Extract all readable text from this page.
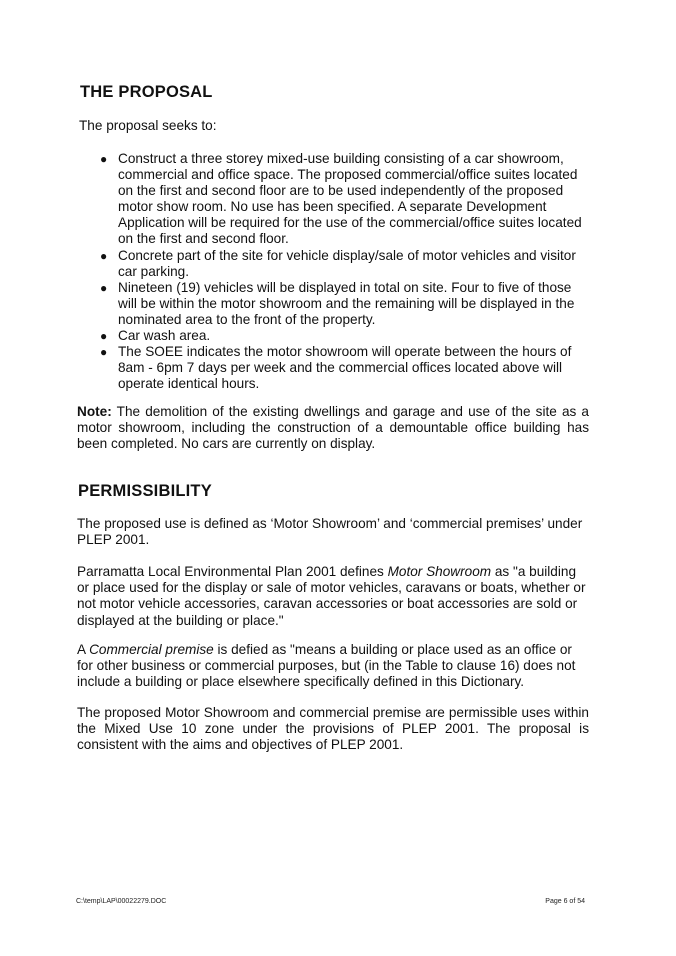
THE PROPOSAL

The proposal seeks to:

● Construct a three storey mixed-use building consisting of a car showroom, commercial and office space. The proposed commercial/office suites located on the first and second floor are to be used independently of the proposed motor show room. No use has been specified. A separate Development Application will be required for the use of the commercial/office suites located on the first and second floor.
● Concrete part of the site for vehicle display/sale of motor vehicles and visitor car parking.
● Nineteen (19) vehicles will be displayed in total on site. Four to five of those will be within the motor showroom and the remaining will be displayed in the nominated area to the front of the property.
● Car wash area.
● The SOEE indicates the motor showroom will operate between the hours of 8am - 6pm 7 days per week and the commercial offices located above will operate identical hours.

Note: The demolition of the existing dwellings and garage and use of the site as a motor showroom, including the construction of a demountable office building has been completed. No cars are currently on display.

PERMISSIBILITY

The proposed use is defined as ‘Motor Showroom’ and ‘commercial premises’ under PLEP 2001.

Parramatta Local Environmental Plan 2001 defines Motor Showroom as "a building or place used for the display or sale of motor vehicles, caravans or boats, whether or not motor vehicle accessories, caravan accessories or boat accessories are sold or displayed at the building or place."

A Commercial premise is defied as "means a building or place used as an office or for other business or commercial purposes, but (in the Table to clause 16) does not include a building or place elsewhere specifically defined in this Dictionary.

The proposed Motor Showroom and commercial premise are permissible uses within the Mixed Use 10 zone under the provisions of PLEP 2001. The proposal is consistent with the aims and objectives of PLEP 2001.

C:\temp\LAP\00022279.DOC	Page 6 of 54
